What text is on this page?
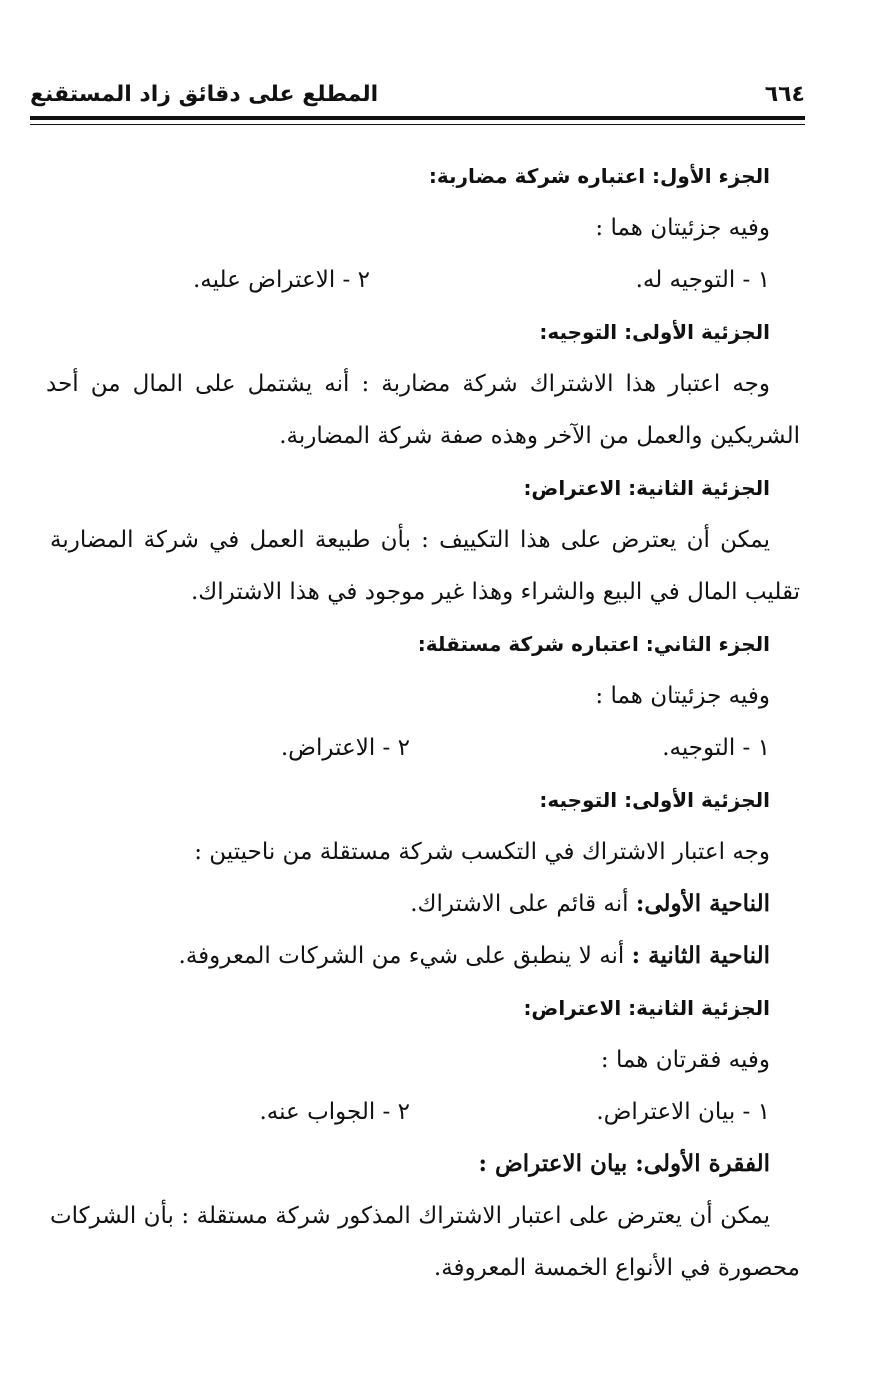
٦٦٤
المطلع على دقائق زاد المستقنع
الجزء الأول: اعتباره شركة مضاربة:
وفيه جزئيتان هما :
١ - التوجيه له.
٢ - الاعتراض عليه.
الجزئية الأولى: التوجيه:
وجه اعتبار هذا الاشتراك شركة مضاربة : أنه يشتمل على المال من أحد
الشريكين والعمل من الآخر وهذه صفة شركة المضاربة.
الجزئية الثانية: الاعتراض:
يمكن أن يعترض على هذا التكييف : بأن طبيعة العمل في شركة المضاربة
تقليب المال في البيع والشراء وهذا غير موجود في هذا الاشتراك.
الجزء الثاني: اعتباره شركة مستقلة:
وفيه جزئيتان هما :
١ - التوجيه.
٢ - الاعتراض.
الجزئية الأولى: التوجيه:
وجه اعتبار الاشتراك في التكسب شركة مستقلة من ناحيتين :
الناحية الأولى: أنه قائم على الاشتراك.
الناحية الثانية : أنه لا ينطبق على شيء من الشركات المعروفة.
الجزئية الثانية: الاعتراض:
وفيه فقرتان هما :
١ - بيان الاعتراض.
٢ - الجواب عنه.
الفقرة الأولى: بيان الاعتراض :
يمكن أن يعترض على اعتبار الاشتراك المذكور شركة مستقلة : بأن الشركات
محصورة في الأنواع الخمسة المعروفة.
